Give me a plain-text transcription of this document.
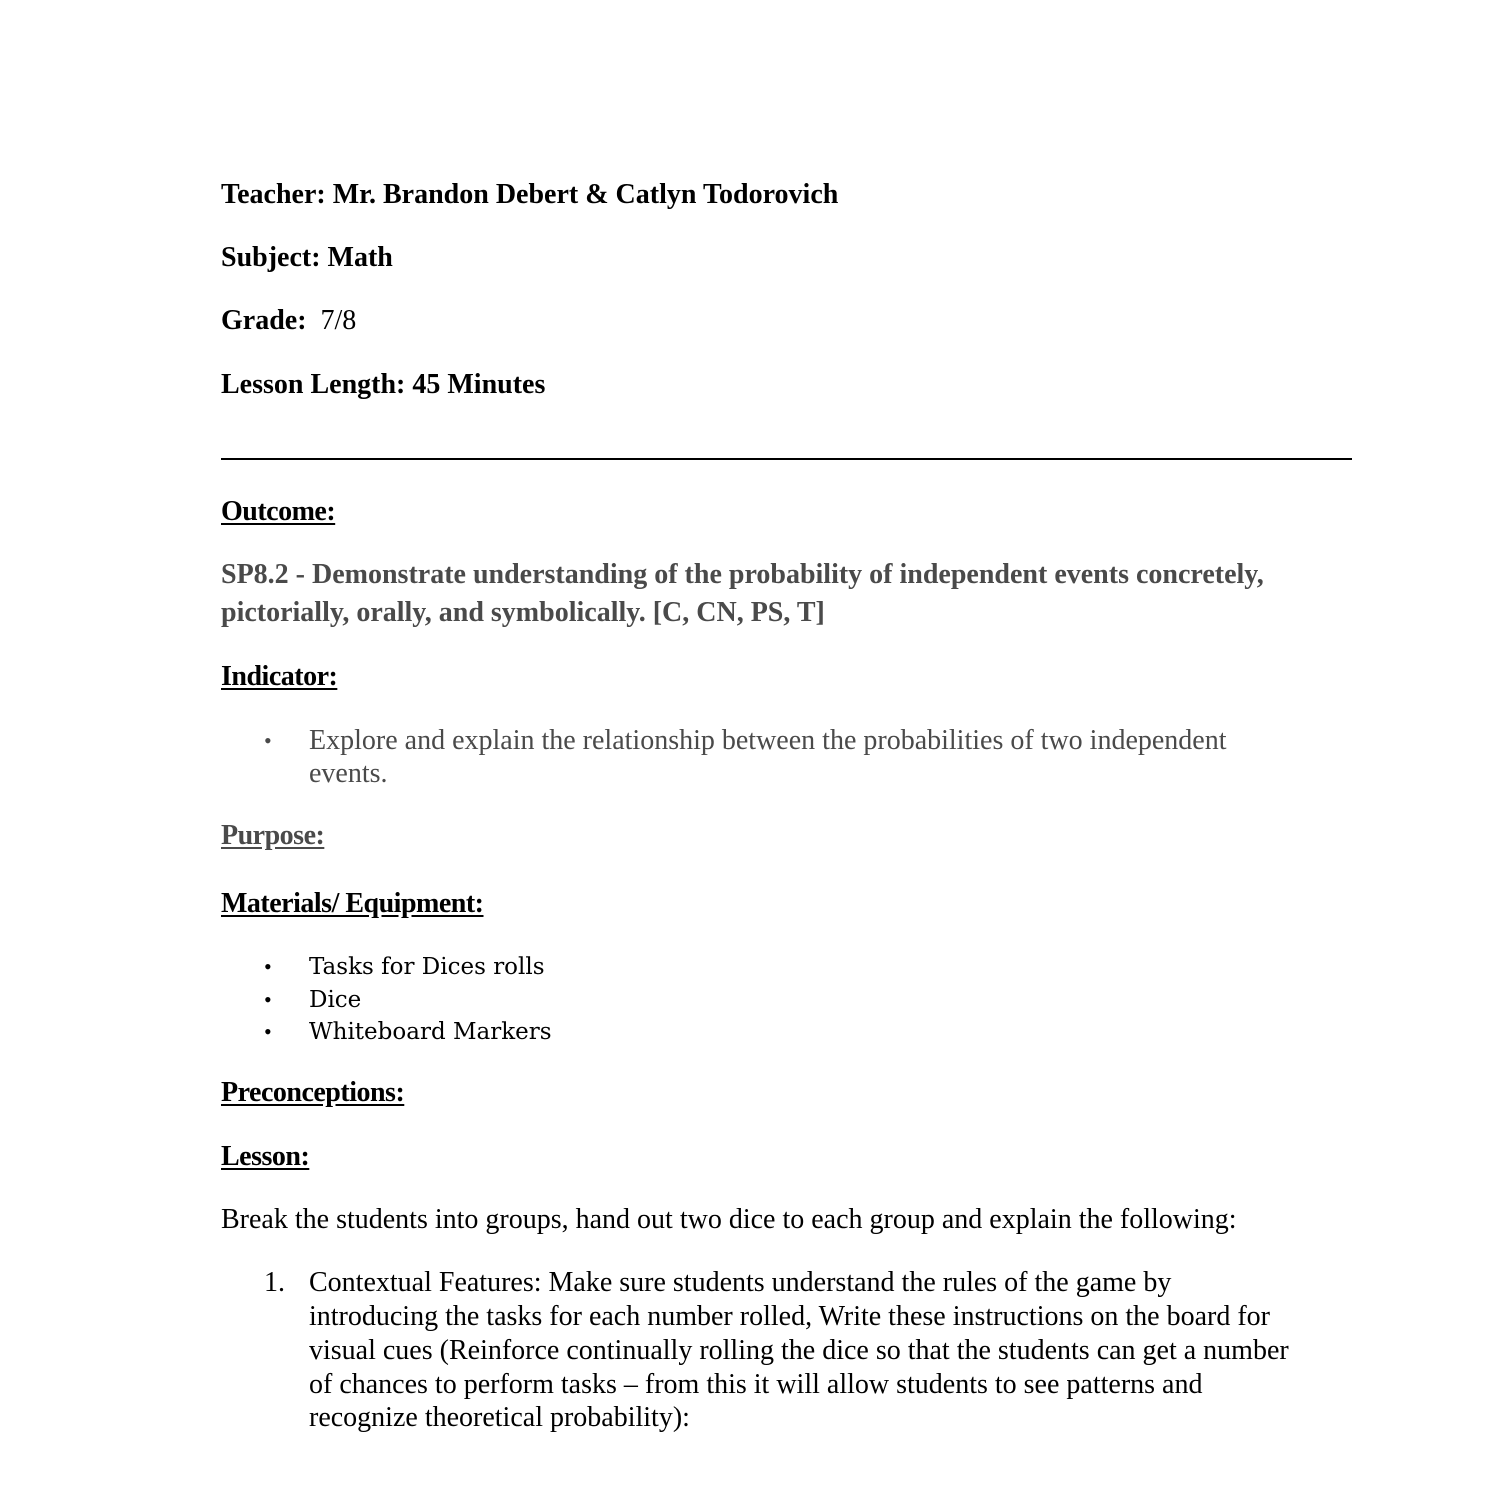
Teacher: Mr. Brandon Debert & Catlyn Todorovich
Subject: Math
Grade: 7/8
Lesson Length: 45 Minutes
Outcome:
SP8.2 - Demonstrate understanding of the probability of independent events concretely,
pictorially, orally, and symbolically. [C, CN, PS, T]
Indicator:
• Explore and explain the relationship between the probabilities of two independent
events.
Purpose:
Materials/ Equipment:
• Tasks for Dices rolls
• Dice
• Whiteboard Markers
Preconceptions:
Lesson:
Break the students into groups, hand out two dice to each group and explain the following:
1. Contextual Features: Make sure students understand the rules of the game by
introducing the tasks for each number rolled, Write these instructions on the board for
visual cues (Reinforce continually rolling the dice so that the students can get a number
of chances to perform tasks – from this it will allow students to see patterns and
recognize theoretical probability):
